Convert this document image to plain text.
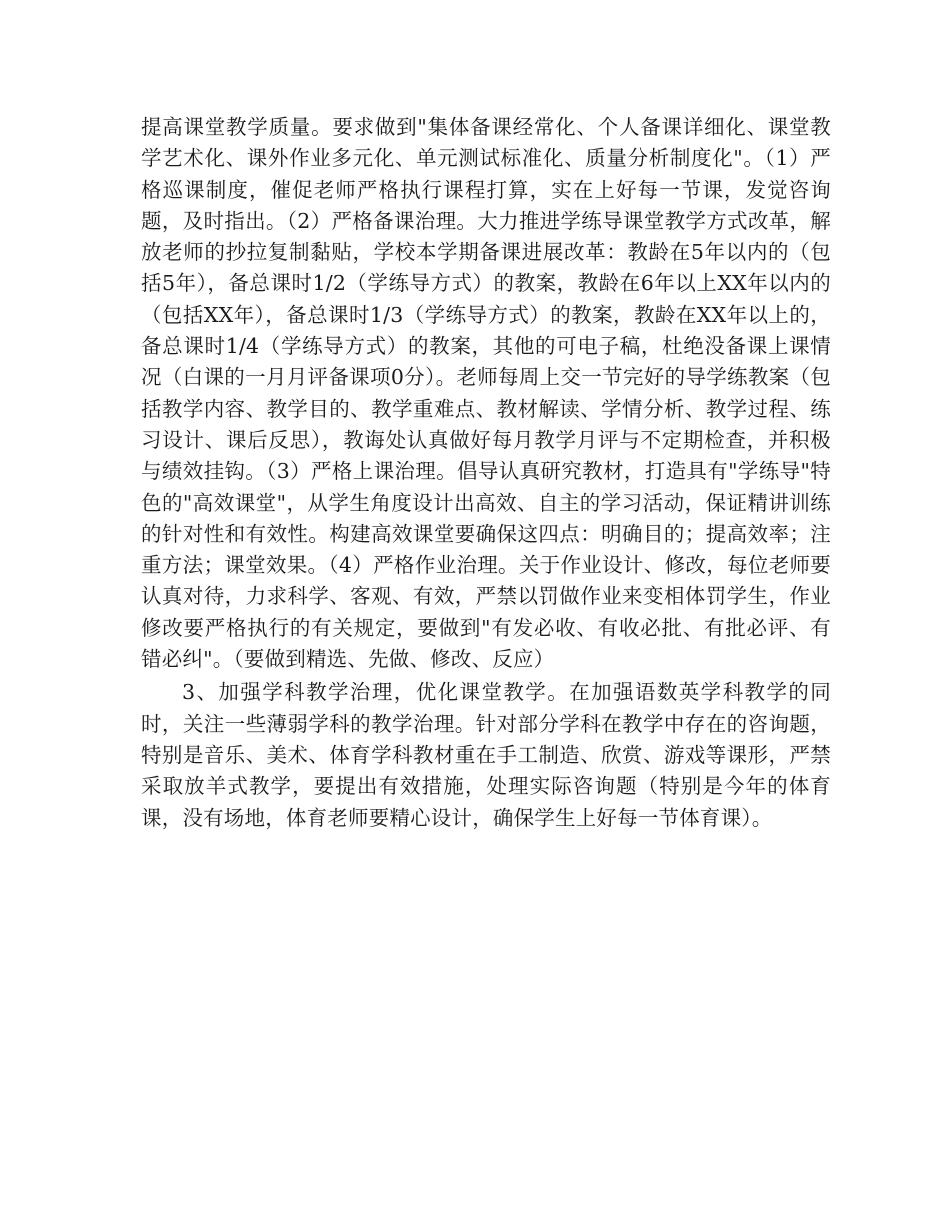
提高课堂教学质量。要求做到"集体备课经常化、个人备课详细化、课堂教学艺术化、课外作业多元化、单元测试标准化、质量分析制度化"。（1）严格巡课制度，催促老师严格执行课程打算，实在上好每一节课，发觉咨询题，及时指出。（2）严格备课治理。大力推进学练导课堂教学方式改革，解放老师的抄拉复制黏贴，学校本学期备课进展改革：教龄在5年以内的（包括5年），备总课时1/2（学练导方式）的教案，教龄在6年以上XX年以内的（包括XX年），备总课时1/3（学练导方式）的教案，教龄在XX年以上的，备总课时1/4（学练导方式）的教案，其他的可电子稿，杜绝没备课上课情况（白课的一月月评备课项0分）。老师每周上交一节完好的导学练教案（包括教学内容、教学目的、教学重难点、教材解读、学情分析、教学过程、练习设计、课后反思），教诲处认真做好每月教学月评与不定期检查，并积极与绩效挂钩。（3）严格上课治理。倡导认真研究教材，打造具有"学练导"特色的"高效课堂"，从学生角度设计出高效、自主的学习活动，保证精讲训练的针对性和有效性。构建高效课堂要确保这四点：明确目的；提高效率；注重方法；课堂效果。（4）严格作业治理。关于作业设计、修改，每位老师要认真对待，力求科学、客观、有效，严禁以罚做作业来变相体罚学生，作业修改要严格执行的有关规定，要做到"有发必收、有收必批、有批必评、有错必纠"。（要做到精选、先做、修改、反应）

3、加强学科教学治理，优化课堂教学。在加强语数英学科教学的同时，关注一些薄弱学科的教学治理。针对部分学科在教学中存在的咨询题，特别是音乐、美术、体育学科教材重在手工制造、欣赏、游戏等课形，严禁采取放羊式教学，要提出有效措施，处理实际咨询题（特别是今年的体育课，没有场地，体育老师要精心设计，确保学生上好每一节体育课）。
